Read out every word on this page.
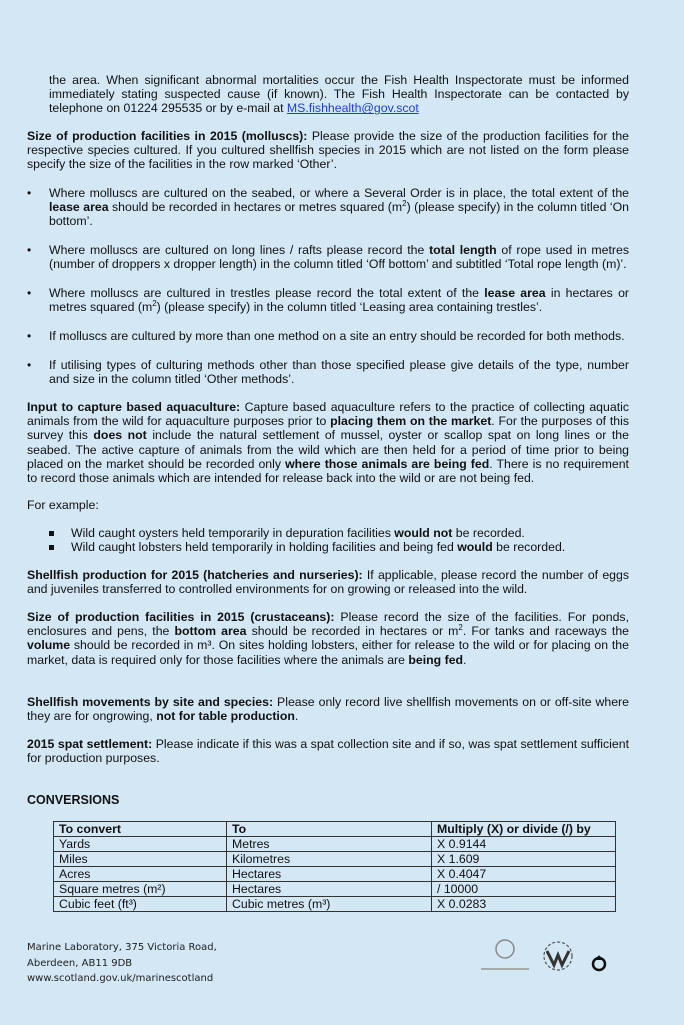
the area. When significant abnormal mortalities occur the Fish Health Inspectorate must be informed immediately stating suspected cause (if known). The Fish Health Inspectorate can be contacted by telephone on 01224 295535 or by e-mail at MS.fishhealth@gov.scot

Size of production facilities in 2015 (molluscs): Please provide the size of the production facilities for the respective species cultured. If you cultured shellfish species in 2015 which are not listed on the form please specify the size of the facilities in the row marked ‘Other’.

• Where molluscs are cultured on the seabed, or where a Several Order is in place, the total extent of the lease area should be recorded in hectares or metres squared $(m^2)$ (please specify) in the column titled ‘On bottom’.

• Where molluscs are cultured on long lines / rafts please record the total length of rope used in metres (number of droppers x dropper length) in the column titled ‘Off bottom’ and subtitled ‘Total rope length (m)’.

• Where molluscs are cultured in trestles please record the total extent of the lease area in hectares or metres squared $(m^2)$ (please specify) in the column titled ‘Leasing area containing trestles’.

• If molluscs are cultured by more than one method on a site an entry should be recorded for both methods.

• If utilising types of culturing methods other than those specified please give details of the type, number and size in the column titled ‘Other methods’.

Input to capture based aquaculture: Capture based aquaculture refers to the practice of collecting aquatic animals from the wild for aquaculture purposes prior to placing them on the market. For the purposes of this survey this does not include the natural settlement of mussel, oyster or scallop spat on long lines or the seabed. The active capture of animals from the wild which are then held for a period of time prior to being placed on the market should be recorded only where those animals are being fed. There is no requirement to record those animals which are intended for release back into the wild or are not being fed.

For example:

Wild caught oysters held temporarily in depuration facilities would not be recorded.

Wild caught lobsters held temporarily in holding facilities and being fed would be recorded.

Shellfish production for 2015 (hatcheries and nurseries): If applicable, please record the number of eggs and juveniles transferred to controlled environments for on growing or released into the wild.

Size of production facilities in 2015 (crustaceans): Please record the size of the facilities. For ponds, enclosures and pens, the bottom area should be recorded in hectares or $m^2$. For tanks and raceways the volume should be recorded in m³. On sites holding lobsters, either for release to the wild or for placing on the market, data is required only for those facilities where the animals are being fed.

Shellfish movements by site and species: Please only record live shellfish movements on or off-site where they are for ongrowing, not for table production.

2015 spat settlement: Please indicate if this was a spat collection site and if so, was spat settlement sufficient for production purposes.

CONVERSIONS
To convert	To	Multiply (X) or divide (/) by
Yards	Metres	X 0.9144
Miles	Kilometres	X 1.609
Acres	Hectares	X 0.4047
Square metres (m²)	Hectares	/ 10000
Cubic feet (ft³)	Cubic metres (m³)	X 0.0283
Marine Laboratory, 375 Victoria Road,
Aberdeen, AB11 9DB
www.scotland.gov.uk/marinescotland
